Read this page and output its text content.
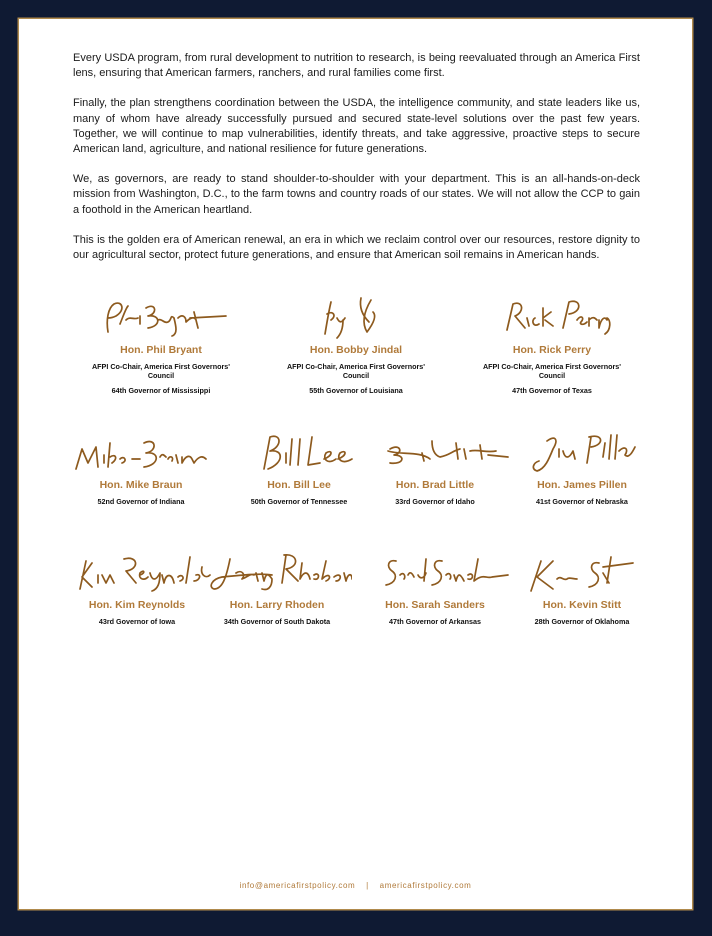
Every USDA program, from rural development to nutrition to research, is being reevaluated through an America First lens, ensuring that American farmers, ranchers, and rural families come first.

Finally, the plan strengthens coordination between the USDA, the intelligence community, and state leaders like us, many of whom have already successfully pursued and secured state-level solutions over the past few years. Together, we will continue to map vulnerabilities, identify threats, and take aggressive, proactive steps to secure American land, agriculture, and national resilience for future generations.

We, as governors, are ready to stand shoulder-to-shoulder with your department. This is an all-hands-on-deck mission from Washington, D.C., to the farm towns and country roads of our states. We will not allow the CCP to gain a foothold in the American heartland.

This is the golden era of American renewal, an era in which we reclaim control over our resources, restore dignity to our agricultural sector, protect future generations, and ensure that American soil remains in American hands.

Hon. Phil Bryant
AFPI Co-Chair, America First Governors' Council
64th Governor of Mississippi
Hon. Bobby Jindal
AFPI Co-Chair, America First Governors' Council
55th Governor of Louisiana
Hon. Rick Perry
AFPI Co-Chair, America First Governors' Council
47th Governor of Texas
Hon. Mike Braun
52nd Governor of Indiana
Hon. Bill Lee
50th Governor of Tennessee
Hon. Brad Little
33rd Governor of Idaho
Hon. James Pillen
41st Governor of Nebraska
Hon. Kim Reynolds
43rd Governor of Iowa
Hon. Larry Rhoden
34th Governor of South Dakota
Hon. Sarah Sanders
47th Governor of Arkansas
Hon. Kevin Stitt
28th Governor of Oklahoma
info@americafirstpolicy.com | americafirstpolicy.com
